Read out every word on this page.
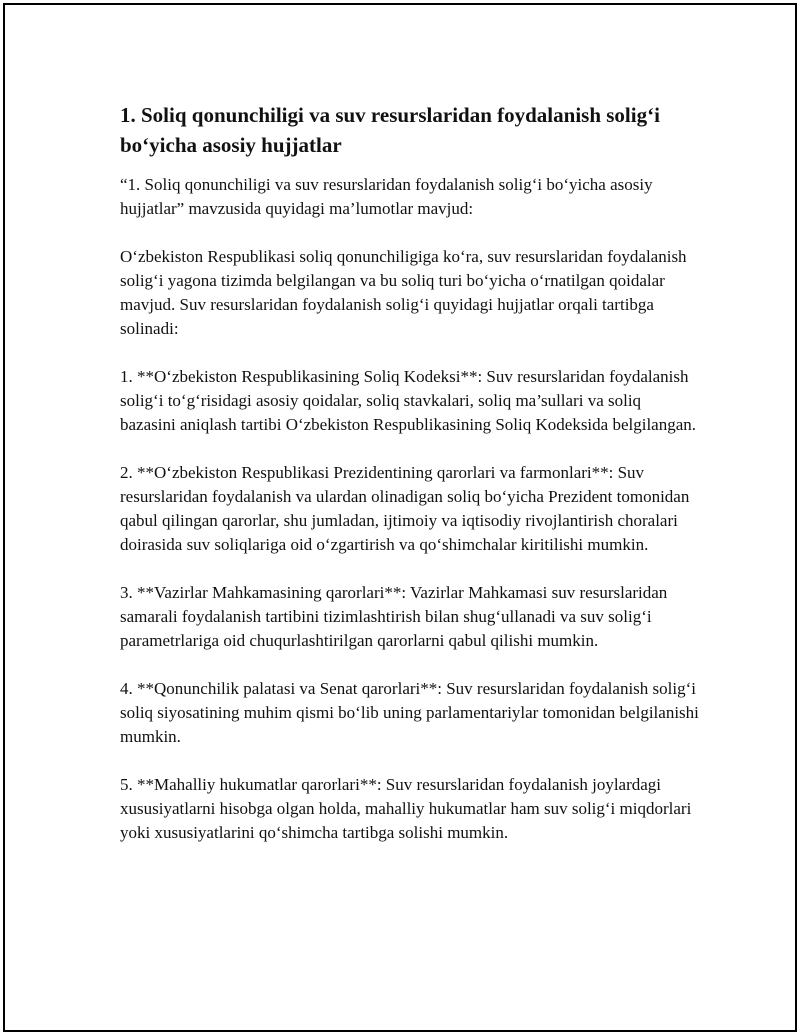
1. Soliq qonunchiligi va suv resurslaridan foydalanish solig‘i bo‘yicha asosiy hujjatlar

“1. Soliq qonunchiligi va suv resurslaridan foydalanish solig‘i bo‘yicha asosiy hujjatlar” mavzusida quyidagi ma’lumotlar mavjud:

O‘zbekiston Respublikasi soliq qonunchiligiga ko‘ra, suv resurslaridan foydalanish solig‘i yagona tizimda belgilangan va bu soliq turi bo‘yicha o‘rnatilgan qoidalar mavjud. Suv resurslaridan foydalanish solig‘i quyidagi hujjatlar orqali tartibga solinadi:

1. **O‘zbekiston Respublikasining Soliq Kodeksi**: Suv resurslaridan foydalanish solig‘i to‘g‘risidagi asosiy qoidalar, soliq stavkalari, soliq ma’sullari va soliq bazasini aniqlash tartibi O‘zbekiston Respublikasining Soliq Kodeksida belgilangan.

2. **O‘zbekiston Respublikasi Prezidentining qarorlari va farmonlari**: Suv resurslaridan foydalanish va ulardan olinadigan soliq bo‘yicha Prezident tomonidan qabul qilingan qarorlar, shu jumladan, ijtimoiy va iqtisodiy rivojlantirish choralari doirasida suv soliqlariga oid o‘zgartirish va qo‘shimchalar kiritilishi mumkin.

3. **Vazirlar Mahkamasining qarorlari**: Vazirlar Mahkamasi suv resurslaridan samarali foydalanish tartibini tizimlashtirish bilan shug‘ullanadi va suv solig‘i parametrlariga oid chuqurlashtirilgan qarorlarni qabul qilishi mumkin.

4. **Qonunchilik palatasi va Senat qarorlari**: Suv resurslaridan foydalanish solig‘i soliq siyosatining muhim qismi bo‘lib uning parlamentariylar tomonidan belgilanishi mumkin.

5. **Mahalliy hukumatlar qarorlari**: Suv resurslaridan foydalanish joylardagi xususiyatlarni hisobga olgan holda, mahalliy hukumatlar ham suv solig‘i miqdorlari yoki xususiyatlarini qo‘shimcha tartibga solishi mumkin.
